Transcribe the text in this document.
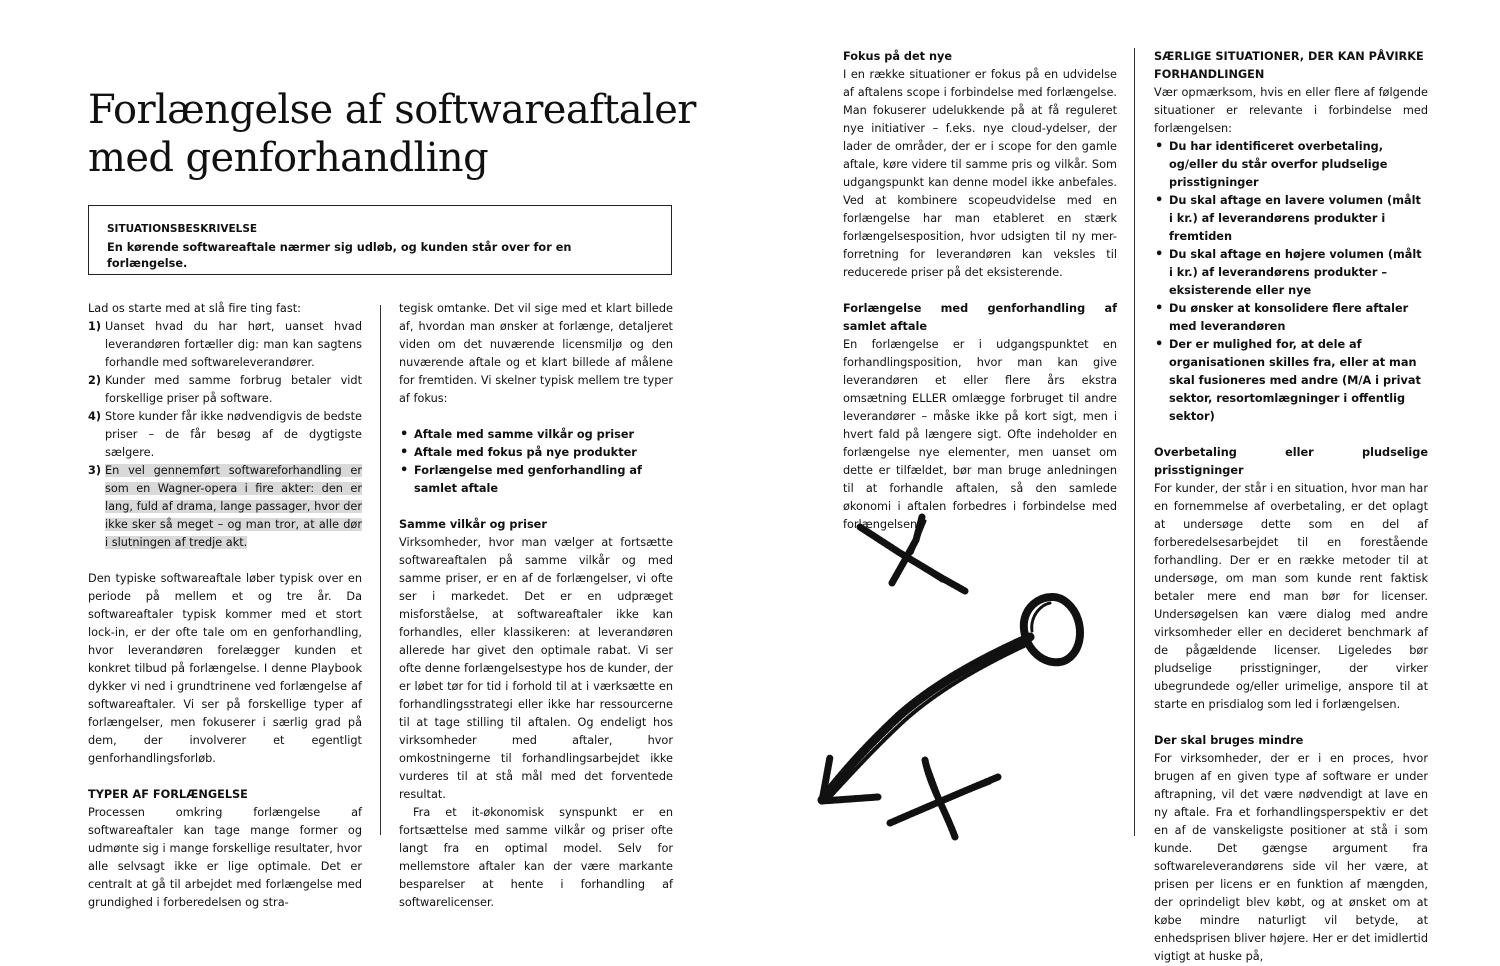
Forlængelse af softwareaftaler med genforhandling
SITUATIONSBESKRIVELSE
En kørende softwareaftale nærmer sig udløb, og kunden står over for en forlængelse.

Lad os starte med at slå fire ting fast:

1) Uanset hvad du har hørt, uanset hvad leverandøren fortæller dig: man kan sagtens forhandle med softwareleverandører.
2) Kunder med samme forbrug betaler vidt forskellige priser på software.
4) Store kunder får ikke nødvendigvis de bedste priser – de får besøg af de dygtigste sælgere.
3) En vel gennemført softwareforhandling er som en Wagner-opera i fire akter: den er lang, fuld af drama, lange passager, hvor der ikke sker så meget – og man tror, at alle dør i slutningen af tredje akt.

Den typiske softwareaftale løber typisk over en periode på mellem et og tre år. Da softwareaftaler typisk kommer med et stort lock-in, er der ofte tale om en genforhandling, hvor leverandøren forelægger kunden et konkret tilbud på forlængelse. I denne Playbook dykker vi ned i grundtrinene ved forlængelse af softwareaftaler. Vi ser på forskellige typer af forlængelser, men fokuserer i særlig grad på dem, der involverer et egentligt genforhandlingsforløb.

TYPER AF FORLÆNGELSE

Processen omkring forlængelse af softwareaftaler kan tage mange former og udmønte sig i mange forskellige resultater, hvor alle selvsagt ikke er lige optimale. Det er centralt at gå til arbejdet med forlængelse med grundighed i forberedelsen og stra-

tegisk omtanke. Det vil sige med et klart billede af, hvordan man ønsker at forlænge, detaljeret viden om det nuværende licensmiljø og den nuværende aftale og et klart billede af målene for fremtiden. Vi skelner typisk mellem tre typer af fokus:

• Aftale med samme vilkår og priser
• Aftale med fokus på nye produkter
• Forlængelse med genforhandling af samlet aftale

Samme vilkår og priser

Virksomheder, hvor man vælger at fortsætte softwareaftalen på samme vilkår og med samme priser, er en af de forlængelser, vi ofte ser i markedet. Det er en udpræget misforståelse, at softwareaftaler ikke kan forhandles, eller klassikeren: at leverandøren allerede har givet den optimale rabat. Vi ser ofte denne forlængelsestype hos de kunder, der er løbet tør for tid i forhold til at i værksætte en forhandlingsstrategi eller ikke har ressourcerne til at tage stilling til aftalen. Og endeligt hos virksomheder med aftaler, hvor omkostningerne til forhandlingsarbejdet ikke vurderes til at stå mål med det forventede resultat.

Fra et it-økonomisk synspunkt er en fortsættelse med samme vilkår og priser ofte langt fra en optimal model. Selv for mellemstore aftaler kan der være markante besparelser at hente i forhandling af softwarelicenser.

Fokus på det nye

I en række situationer er fokus på en udvidelse af aftalens scope i forbindelse med forlængelse. Man fokuserer udelukkende på at få reguleret nye initiativer – f.eks. nye cloud-ydelser, der lader de områder, der er i scope for den gamle aftale, køre videre til samme pris og vilkår. Som udgangspunkt kan denne model ikke anbefales. Ved at kombinere scopeudvidelse med en forlængelse har man etableret en stærk forlængelsesposition, hvor udsigten til ny mer-forretning for leverandøren kan veksles til reducerede priser på det eksisterende.

Forlængelse med genforhandling af samlet aftale

En forlængelse er i udgangspunktet en forhandlingsposition, hvor man kan give leverandøren et eller flere års ekstra omsætning ELLER omlægge forbruget til andre leverandører – måske ikke på kort sigt, men i hvert fald på længere sigt. Ofte indeholder en forlængelse nye elementer, men uanset om dette er tilfældet, bør man bruge anledningen til at forhandle aftalen, så den samlede økonomi i aftalen forbedres i forbindelse med forlængelsen.

SÆRLIGE SITUATIONER, DER KAN PÅVIRKE FORHANDLINGEN

Vær opmærksom, hvis en eller flere af følgende situationer er relevante i forbindelse med forlængelsen:

• Du har identificeret overbetaling, og/eller du står overfor pludselige prisstigninger
• Du skal aftage en lavere volumen (målt i kr.) af leverandørens produkter i fremtiden
• Du skal aftage en højere volumen (målt i kr.) af leverandørens produkter – eksisterende eller nye
• Du ønsker at konsolidere flere aftaler med leverandøren
• Der er mulighed for, at dele af organisationen skilles fra, eller at man skal fusioneres med andre (M/A i privat sektor, resortomlægninger i offentlig sektor)

Overbetaling eller pludselige prisstigninger

For kunder, der står i en situation, hvor man har en fornemmelse af overbetaling, er det oplagt at undersøge dette som en del af forberedelsesarbejdet til en forestående forhandling. Der er en række metoder til at undersøge, om man som kunde rent faktisk betaler mere end man bør for licenser. Undersøgelsen kan være dialog med andre virksomheder eller en decideret benchmark af de pågældende licenser. Ligeledes bør pludselige prisstigninger, der virker ubegrundede og/eller urimelige, anspore til at starte en prisdialog som led i forlængelsen.

Der skal bruges mindre

For virksomheder, der er i en proces, hvor brugen af en given type af software er under aftrapning, vil det være nødvendigt at lave en ny aftale. Fra et forhandlingsperspektiv er det en af de vanskeligste positioner at stå i som kunde. Det gængse argument fra softwareleverandørens side vil her være, at prisen per licens er en funktion af mængden, der oprindeligt blev købt, og at ønsket om at købe mindre naturligt vil betyde, at enhedsprisen bliver højere. Her er det imidlertid vigtigt at huske på,
